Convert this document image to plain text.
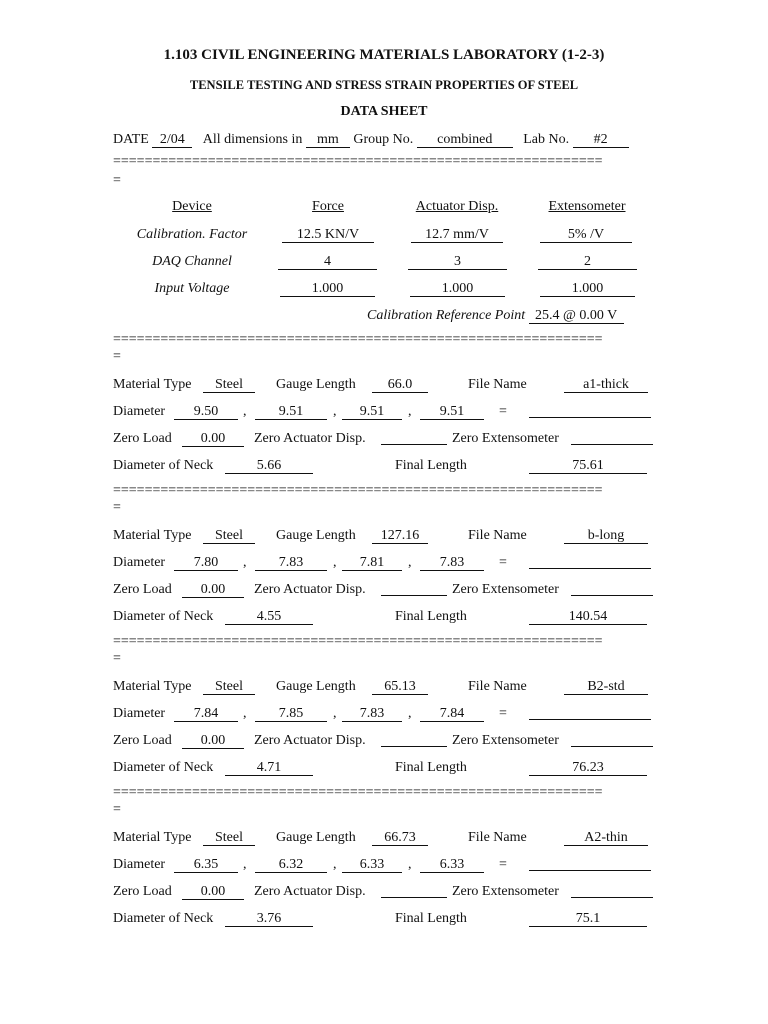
1.103 CIVIL ENGINEERING MATERIALS LABORATORY (1-2-3)
TENSILE TESTING AND STRESS STRAIN PROPERTIES OF STEEL
DATA SHEET
DATE 2/04 All dimensions in mm Group No. combined Lab No. #2
==============================================================
=
Device	Force	Actuator Disp.	Extensometer
Calibration. Factor	12.5 KN/V	12.7 mm/V	5% /V
DAQ Channel	4	3	2
Input Voltage	1.000	1.000	1.000
Calibration Reference Point 25.4 @ 0.00 V
==============================================================
=
Material Type	Steel	Gauge Length	66.0	File Name	a1-thick
Diameter	9.50	,	9.51	,	9.51	,	9.51	=
Zero Load	0.00	Zero Actuator Disp.	Zero Extensometer
Diameter of Neck	5.66	Final Length	75.61
==============================================================
=
Material Type	Steel	Gauge Length	127.16	File Name	b-long
Diameter	7.80	,	7.83	,	7.81	,	7.83	=
Zero Load	0.00	Zero Actuator Disp.	Zero Extensometer
Diameter of Neck	4.55	Final Length	140.54
==============================================================
=
Material Type	Steel	Gauge Length	65.13	File Name	B2-std
Diameter	7.84	,	7.85	,	7.83	,	7.84	=
Zero Load	0.00	Zero Actuator Disp.	Zero Extensometer
Diameter of Neck	4.71	Final Length	76.23
==============================================================
=
Material Type	Steel	Gauge Length	66.73	File Name	A2-thin
Diameter	6.35	,	6.32	,	6.33	,	6.33	=
Zero Load	0.00	Zero Actuator Disp.	Zero Extensometer
Diameter of Neck	3.76	Final Length	75.1
